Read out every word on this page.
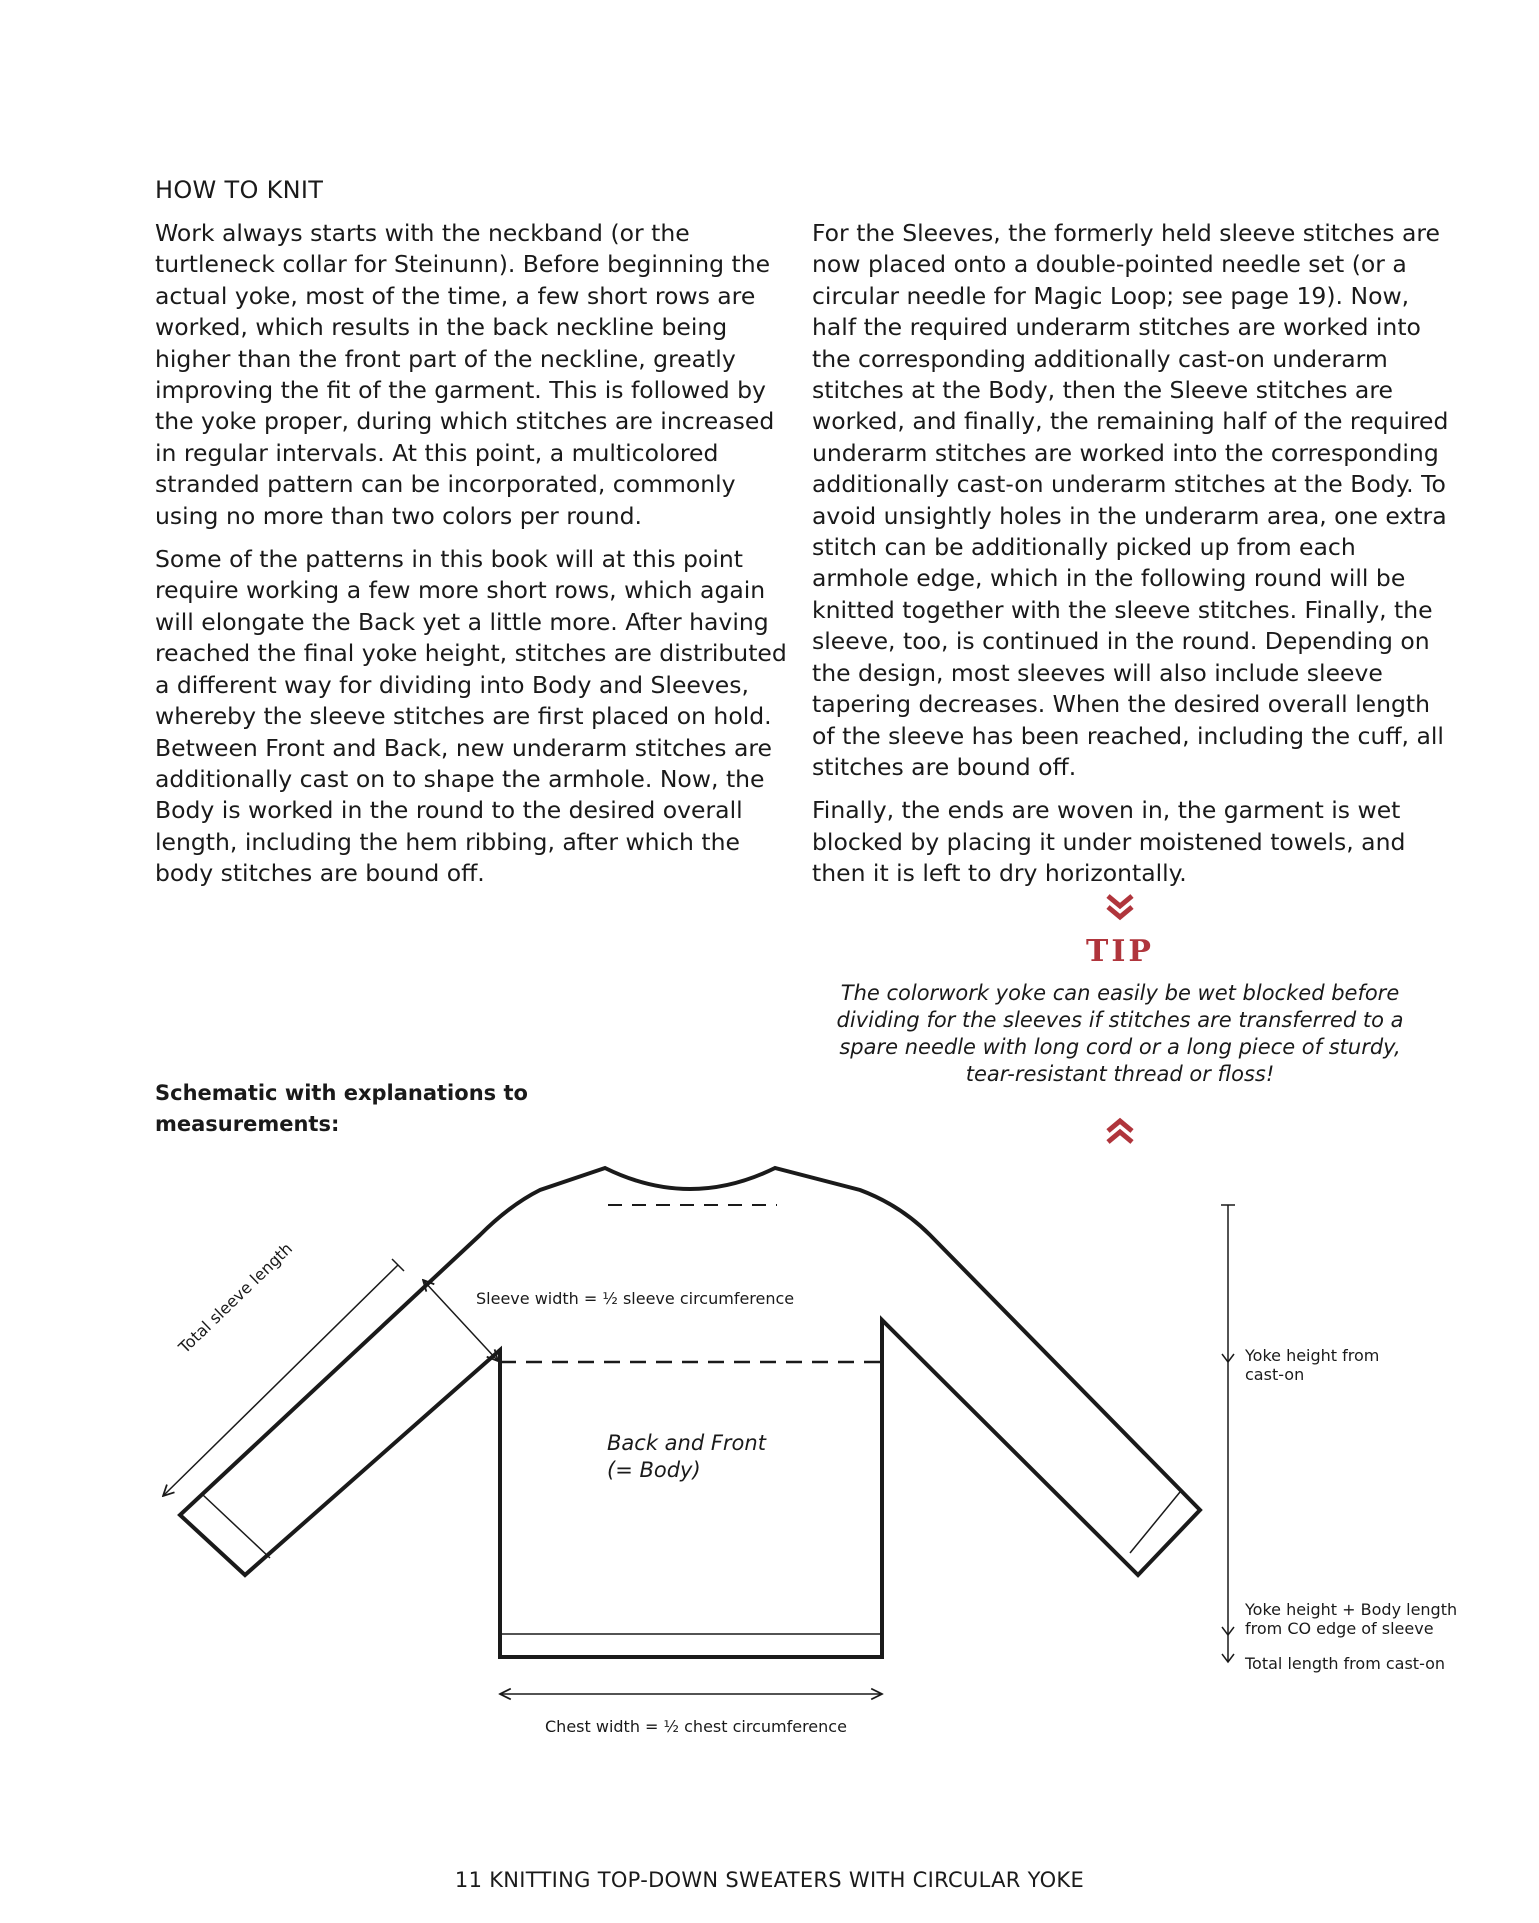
HOW TO KNIT

Work always starts with the neckband (or the turtleneck collar for Steinunn). Before beginning the actual yoke, most of the time, a few short rows are worked, which results in the back neckline being higher than the front part of the neckline, greatly improving the fit of the garment. This is followed by the yoke proper, during which stitches are increased in regular intervals. At this point, a multicolored stranded pattern can be incorporated, commonly using no more than two colors per round.

Some of the patterns in this book will at this point require working a few more short rows, which again will elongate the Back yet a little more. After having reached the final yoke height, stitches are distributed a different way for dividing into Body and Sleeves, whereby the sleeve stitches are first placed on hold. Between Front and Back, new underarm stitches are additionally cast on to shape the armhole. Now, the Body is worked in the round to the desired overall length, including the hem ribbing, after which the body stitches are bound off.

For the Sleeves, the formerly held sleeve stitches are now placed onto a double-pointed needle set (or a circular needle for Magic Loop; see page 19). Now, half the required underarm stitches are worked into the corresponding additionally cast-on underarm stitches at the Body, then the Sleeve stitches are worked, and finally, the remaining half of the required underarm stitches are worked into the corresponding additionally cast-on underarm stitches at the Body. To avoid unsightly holes in the underarm area, one extra stitch can be additionally picked up from each armhole edge, which in the following round will be knitted together with the sleeve stitches. Finally, the sleeve, too, is continued in the round. Depending on the design, most sleeves will also include sleeve tapering decreases. When the desired overall length of the sleeve has been reached, including the cuff, all stitches are bound off.

Finally, the ends are woven in, the garment is wet blocked by placing it under moistened towels, and then it is left to dry horizontally.

TIP
The colorwork yoke can easily be wet blocked before dividing for the sleeves if stitches are transferred to a spare needle with long cord or a long piece of sturdy, tear-resistant thread or floss!
Schematic with explanations to measurements:
Sleeve width = ½ sleeve circumference
Total sleeve length
Back and Front
(= Body)
Chest width = ½ chest circumference
Yoke height from
cast-on
Yoke height + Body length
from CO edge of sleeve
Total length from cast-on
11 KNITTING TOP-DOWN SWEATERS WITH CIRCULAR YOKE
